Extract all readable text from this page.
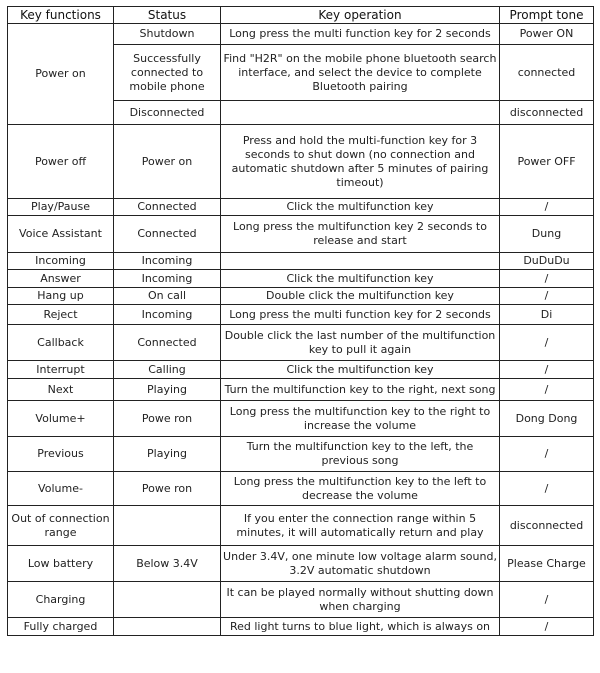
Key functions	Status	Key operation	Prompt tone
Power on	Shutdown	Long press the multi function key for 2 seconds	Power ON
	Successfully connected to mobile phone	Find "H2R" on the mobile phone bluetooth search interface, and select the device to complete Bluetooth pairing	connected
	Disconnected		disconnected
Power off	Power on	Press and hold the multi-function key for 3 seconds to shut down (no connection and automatic shutdown after 5 minutes of pairing timeout)	Power OFF
Play/Pause	Connected	Click the multifunction key	/
Voice Assistant	Connected	Long press the multifunction key 2 seconds to release and start	Dung
Incoming	Incoming		DuDuDu
Answer	Incoming	Click the multifunction key	/
Hang up	On call	Double click the multifunction key	/
Reject	Incoming	Long press the multi function key for 2 seconds	Di
Callback	Connected	Double click the last number of the multifunction key to pull it again	/
Interrupt	Calling	Click the multifunction key	/
Next	Playing	Turn the multifunction key to the right, next song	/
Volume+	Powe ron	Long press the multifunction key to the right to increase the volume	Dong Dong
Previous	Playing	Turn the multifunction key to the left, the previous song	/
Volume-	Powe ron	Long press the multifunction key to the left to decrease the volume	/
Out of connection range		If you enter the connection range within 5 minutes, it will automatically return and play	disconnected
Low battery	Below 3.4V	Under 3.4V, one minute low voltage alarm sound, 3.2V automatic shutdown	Please Charge
Charging		It can be played normally without shutting down when charging	/
Fully charged		Red light turns to blue light, which is always on	/
